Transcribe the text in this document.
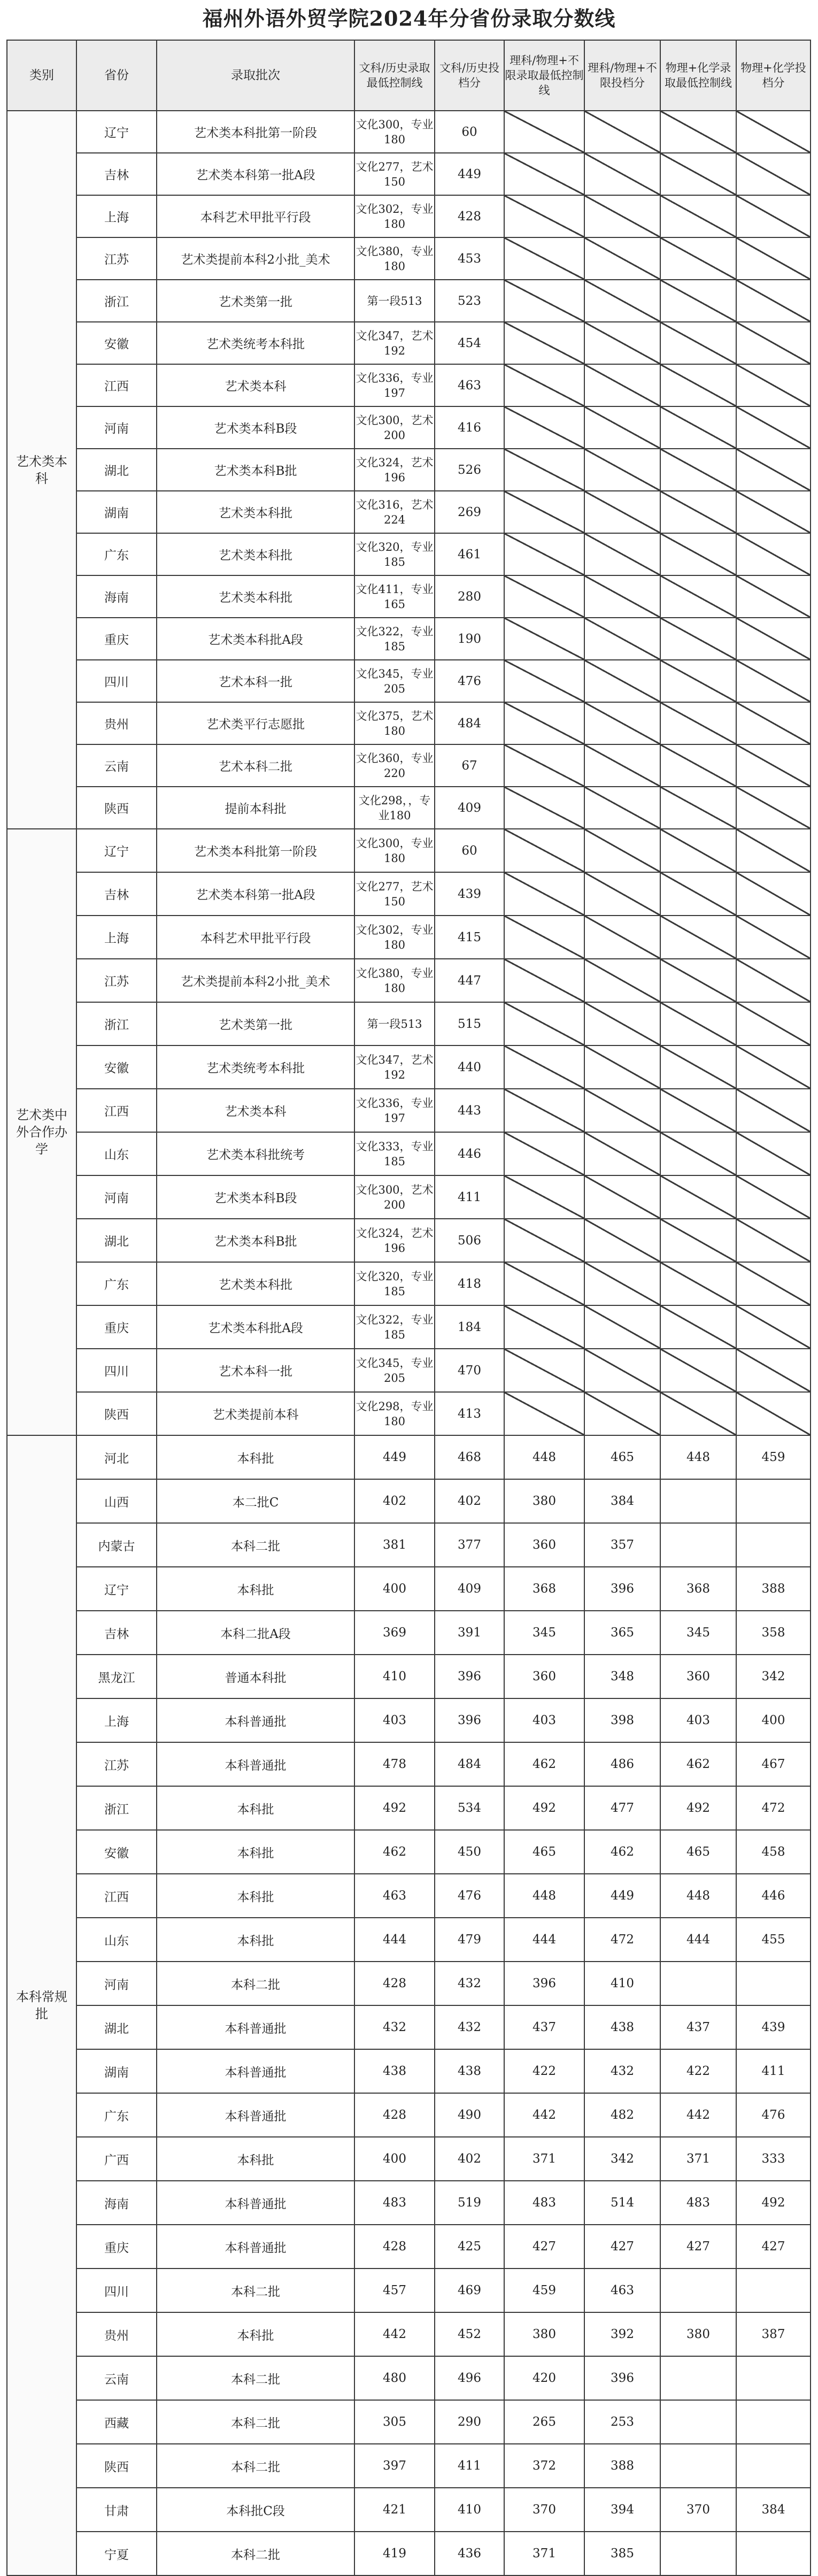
福州外语外贸学院2024年分省份录取分数线
类别	省份	录取批次	文科/历史录取最低控制线	文科/历史投档分	理科/物理+不限录取最低控制线	理科/物理+不限投档分	物理+化学录取最低控制线	物理+化学投档分
艺术类本科	辽宁	艺术类本科批第一阶段	文化300，专业180	60				
	吉林	艺术类本科第一批A段	文化277，艺术150	449				
	上海	本科艺术甲批平行段	文化302，专业180	428				
	江苏	艺术类提前本科2小批_美术	文化380，专业180	453				
	浙江	艺术类第一批	第一段513	523				
	安徽	艺术类统考本科批	文化347，艺术192	454				
	江西	艺术类本科	文化336，专业197	463				
	河南	艺术类本科B段	文化300，艺术200	416				
	湖北	艺术类本科B批	文化324，艺术196	526				
	湖南	艺术类本科批	文化316，艺术224	269				
	广东	艺术类本科批	文化320，专业185	461				
	海南	艺术类本科批	文化411，专业165	280				
	重庆	艺术类本科批A段	文化322，专业185	190				
	四川	艺术本科一批	文化345，专业205	476				
	贵州	艺术类平行志愿批	文化375，艺术180	484				
	云南	艺术本科二批	文化360，专业220	67				
	陕西	提前本科批	文化298，，专业180	409				
艺术类中外合作办学	辽宁	艺术类本科批第一阶段	文化300，专业180	60				
	吉林	艺术类本科第一批A段	文化277，艺术150	439				
	上海	本科艺术甲批平行段	文化302，专业180	415				
	江苏	艺术类提前本科2小批_美术	文化380，专业180	447				
	浙江	艺术类第一批	第一段513	515				
	安徽	艺术类统考本科批	文化347，艺术192	440				
	江西	艺术类本科	文化336，专业197	443				
	山东	艺术类本科批统考	文化333，专业185	446				
	河南	艺术类本科B段	文化300，艺术200	411				
	湖北	艺术类本科B批	文化324，艺术196	506				
	广东	艺术类本科批	文化320，专业185	418				
	重庆	艺术类本科批A段	文化322，专业185	184				
	四川	艺术本科一批	文化345，专业205	470				
	陕西	艺术类提前本科	文化298，专业180	413				
本科常规批	河北	本科批	449	468	448	465	448	459
	山西	本二批C	402	402	380	384		
	内蒙古	本科二批	381	377	360	357		
	辽宁	本科批	400	409	368	396	368	388
	吉林	本科二批A段	369	391	345	365	345	358
	黑龙江	普通本科批	410	396	360	348	360	342
	上海	本科普通批	403	396	403	398	403	400
	江苏	本科普通批	478	484	462	486	462	467
	浙江	本科批	492	534	492	477	492	472
	安徽	本科批	462	450	465	462	465	458
	江西	本科批	463	476	448	449	448	446
	山东	本科批	444	479	444	472	444	455
	河南	本科二批	428	432	396	410		
	湖北	本科普通批	432	432	437	438	437	439
	湖南	本科普通批	438	438	422	432	422	411
	广东	本科普通批	428	490	442	482	442	476
	广西	本科批	400	402	371	342	371	333
	海南	本科普通批	483	519	483	514	483	492
	重庆	本科普通批	428	425	427	427	427	427
	四川	本科二批	457	469	459	463		
	贵州	本科批	442	452	380	392	380	387
	云南	本科二批	480	496	420	396		
	西藏	本科二批	305	290	265	253		
	陕西	本科二批	397	411	372	388		
	甘肃	本科批C段	421	410	370	394	370	384
	宁夏	本科二批	419	436	371	385		
